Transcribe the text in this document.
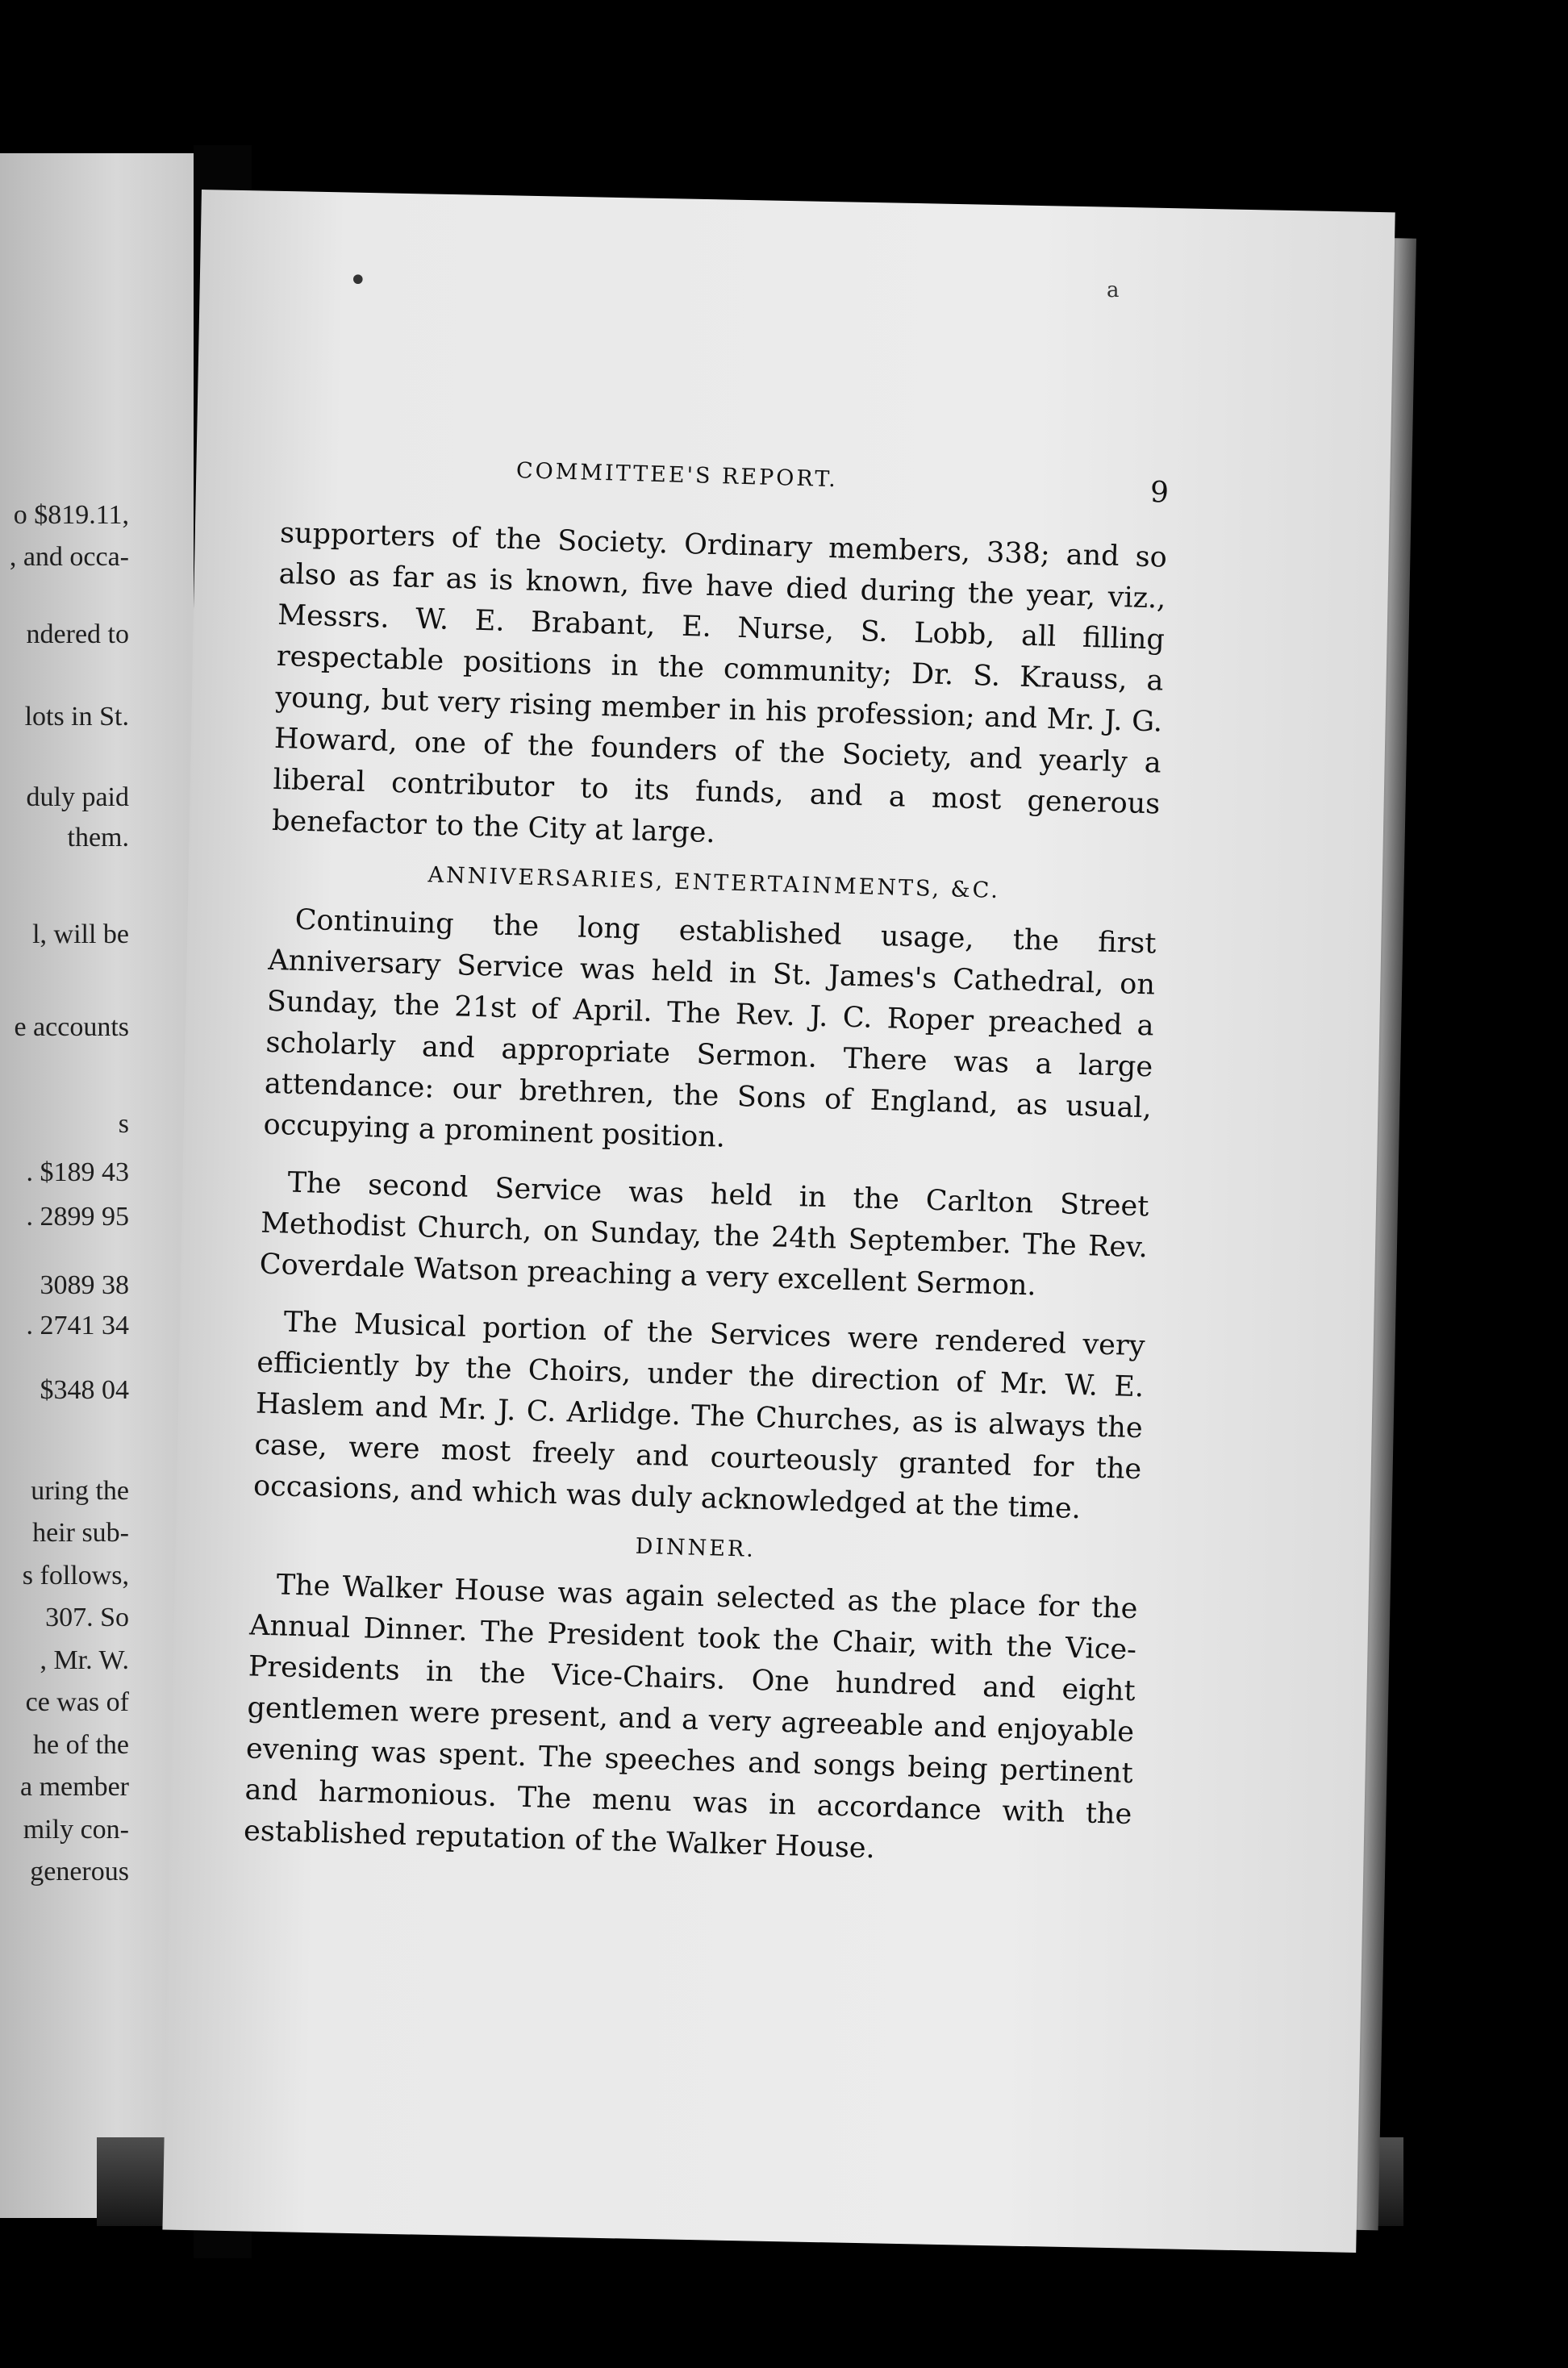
o $819.11,
, and occa-
ndered to
lots in St.
duly paid
them.
l, will be
e accounts
s
. $189 43
. 2899 95
3089 38
. 2741 34
$348 04
uring the
heir sub-
s follows,
307. So
, Mr. W.
ce was of
he of the
a member
mily con-
generous
•	a
COMMITTEE'S REPORT.
9

supporters of the Society. Ordinary members, 338; and so also as far as is known, five have died during the year, viz., Messrs. W. E. Brabant, E. Nurse, S. Lobb, all filling respectable positions in the community; Dr. S. Krauss, a young, but very rising member in his profession; and Mr. J. G. Howard, one of the founders of the Society, and yearly a liberal contributor to its funds, and a most generous benefactor to the City at large.

ANNIVERSARIES, ENTERTAINMENTS, &C.

Continuing the long established usage, the first Anniversary Service was held in St. James's Cathedral, on Sunday, the 21st of April. The Rev. J. C. Roper preached a scholarly and appropriate Sermon. There was a large attendance: our brethren, the Sons of England, as usual, occupying a prominent position.

The second Service was held in the Carlton Street Methodist Church, on Sunday, the 24th September. The Rev. Coverdale Watson preaching a very excellent Sermon.

The Musical portion of the Services were rendered very efficiently by the Choirs, under the direction of Mr. W. E. Haslem and Mr. J. C. Arlidge. The Churches, as is always the case, were most freely and courteously granted for the occasions, and which was duly acknowledged at the time.

DINNER.

The Walker House was again selected as the place for the Annual Dinner. The President took the Chair, with the Vice-Presidents in the Vice-Chairs. One hundred and eight gentlemen were present, and a very agreeable and enjoyable evening was spent. The speeches and songs being pertinent and harmonious. The menu was in accordance with the established reputation of the Walker House.
